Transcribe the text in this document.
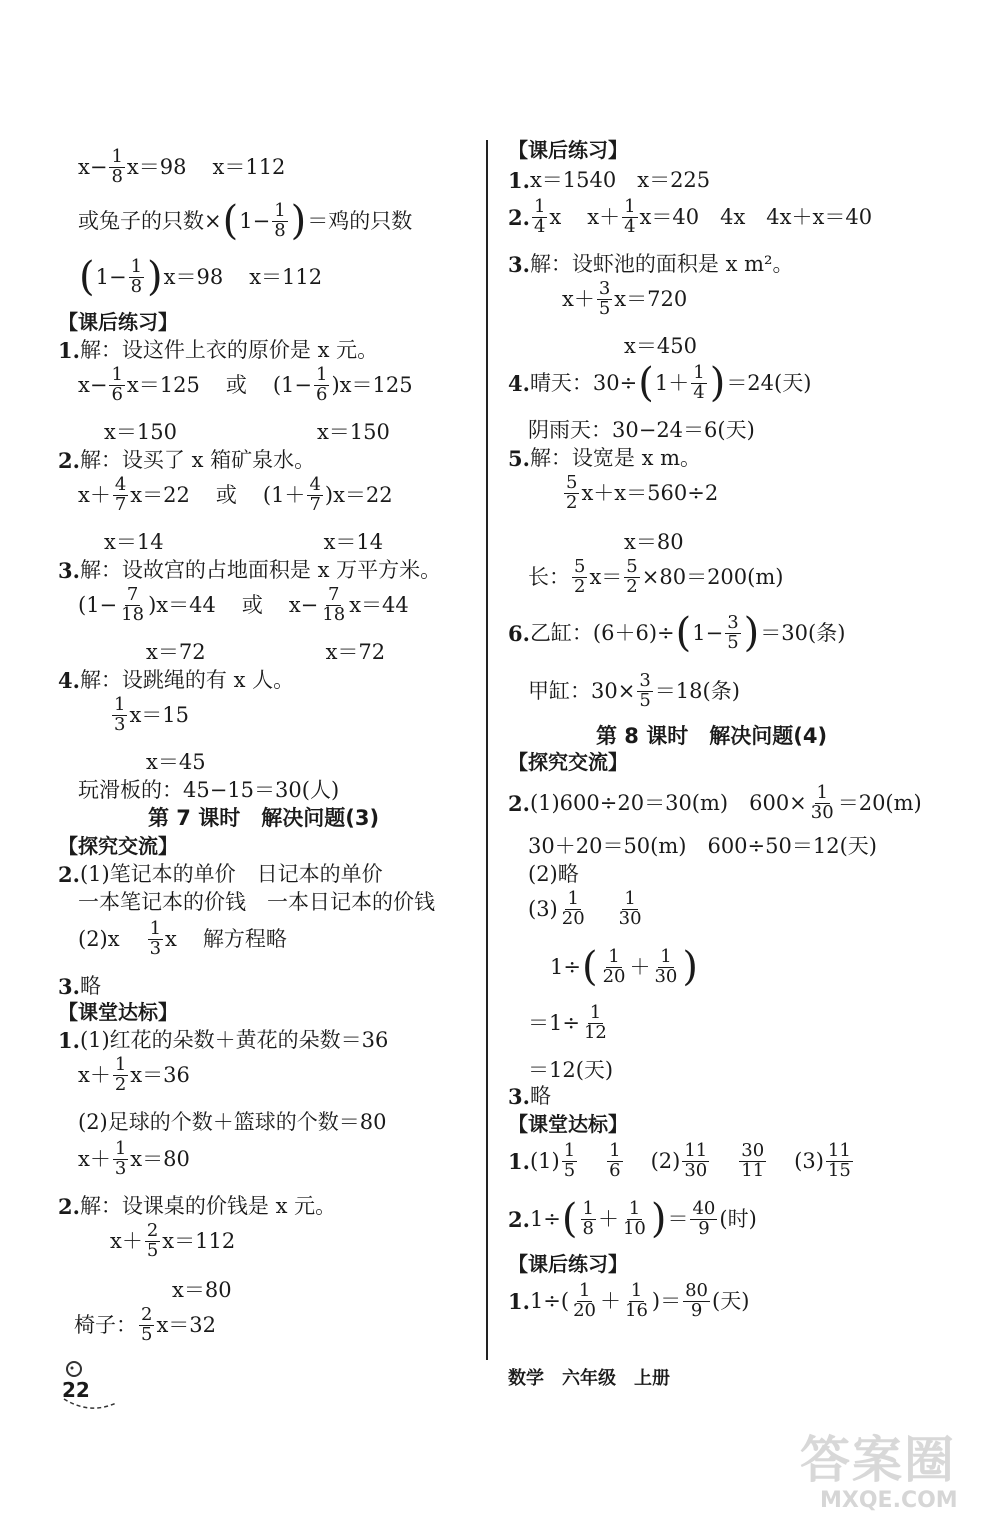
$x- \frac{1}{8} x=98$ x＝112
或兔子的只数× ( $1- \frac{1}{8}$ ) ＝鸡的只数
( $1- \frac{1}{8}$ ) x＝98 x＝112
【课后练习】
1. 解：设这件上衣的原价是 x 元。
$x- \frac{1}{6} x=125$ 或 ($1- \frac{1}{6}$ ) x＝125
x＝150	x＝150
2. 解：设买了 x 箱矿泉水。
$x+ \frac{4}{7} x=22$ 或 ($1+ \frac{4}{7}$ ) x＝22
x＝14	x＝14
3. 解：设故宫的占地面积是 x 万平方米。
($1- \frac{7}{18}$ ) x＝44 或 $x- \frac{7}{18} x=44$
x＝72	x＝72
4. 解：设跳绳的有 x 人。
$\frac{1}{3} x=15$
x＝45
玩滑板的：45−15＝30(人)
第 7 课时　解决问题(3)
【探究交流】
2. (1)笔记本的单价　日记本的单价
一本笔记本的价钱　一本日记本的价钱
$(2)x \frac{1}{3}$ x 解方程略
3. 略
【课堂达标】
1. (1)红花的朵数＋黄花的朵数＝36
$x+ \frac{1}{2} x=36$
(2)足球的个数＋篮球的个数＝80
$x+ \frac{1}{3} x=80$
2. 解：设课桌的价钱是 x 元。
$x+ \frac{2}{5} x=112$
x＝80
椅子： $\frac{2}{5} x=32$
【课后练习】
1. x＝1540　x＝225
2. $\frac{1}{4}$ x $x+ \frac{1}{4} x=40$　4x　4x＋x＝40
3. 解：设虾池的面积是 x m²。
$x+ \frac{3}{5} x=720$
x＝450
4. 晴天：30÷ ( $1+ \frac{1}{4}$ ) ＝24(天)
阴雨天：30−24＝6(天)
5. 解：设宽是 x m。
$\frac{5}{2} x+x=560\div 2$
x＝80
长： $\frac{5}{2} x= \frac{5}{2} \times 80=200(m)$
6. 乙缸：(6＋6)÷ ( $1- \frac{3}{5}$ ) ＝30(条)
甲缸：$30\times \frac{3}{5} =18$(条)
第 8 课时　解决问题(4)
【探究交流】
2. (1)600÷20＝30(m)　$600\times \frac{1}{30} =20(m)$
30＋20＝50(m)　600÷50＝12(天)
(2)略
$(3) \frac{1}{20} \frac{1}{30}$
1÷ ( $\frac{1}{20} + \frac{1}{30}$ )
$=1\div \frac{1}{12}$
＝12(天)
3. 略
【课堂达标】
1. $(1) \frac{1}{5} \frac{1}{6} (2) \frac{11}{30} \frac{30}{11} (3) \frac{11}{15}$
2. 1÷ ( $\frac{1}{8} + \frac{1}{10}$ ) ＝ $\frac{40}{9}$ (时)
【课后练习】
1. $1\div( \frac{1}{20} + \frac{1}{16}$ )＝ $\frac{80}{9}$ (天)
22	数学　六年级　上册
答案圈
MXQE.COM
